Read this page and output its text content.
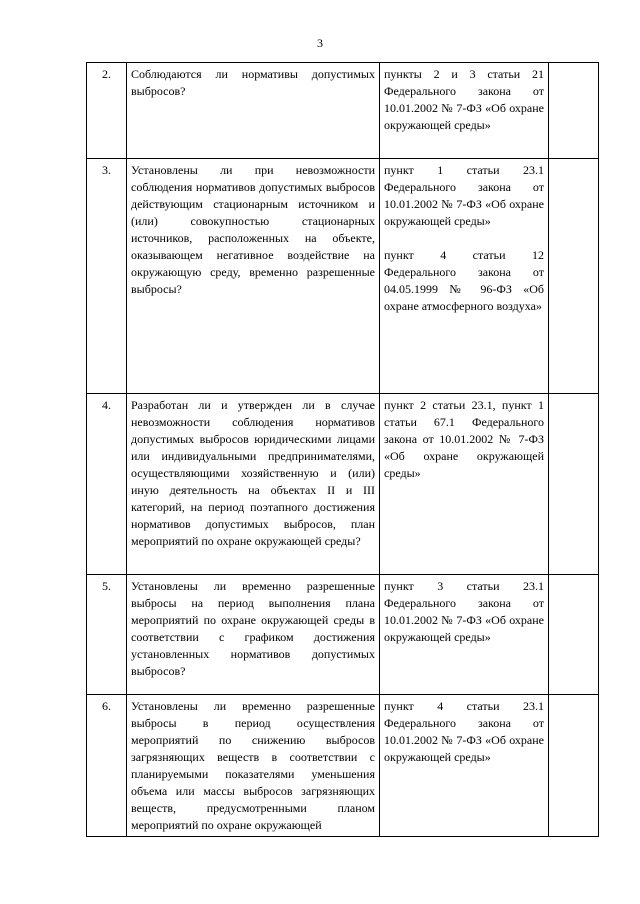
3
2.	Соблюдаются ли нормативы допустимых выбросов?	пункты 2 и 3 статьи 21 Федерального закона от 10.01.2002 № 7-ФЗ «Об охране окружающей среды»	

3.	Установлены ли при невозможности соблюдения нормативов допустимых выбросов действующим стационарным источником и (или) совокупностью стационарных источников, расположенных на объекте, оказывающем негативное воздействие на окружающую среду, временно разрешенные выбросы?	пункт 1 статьи 23.1 Федерального закона от 10.01.2002 № 7-ФЗ «Об охране окружающей среды»
пункт 4 статьи 12 Федерального закона от 04.05.1999 № 96-ФЗ «Об охране атмосферного воздуха»	

4.	Разработан ли и утвержден ли в случае невозможности соблюдения нормативов допустимых выбросов юридическими лицами или индивидуальными предпринимателями, осуществляющими хозяйственную и (или) иную деятельность на объектах II и III категорий, на период поэтапного достижения нормативов допустимых выбросов, план мероприятий по охране окружающей среды?	пункт 2 статьи 23.1, пункт 1 статьи 67.1 Федерального закона от 10.01.2002 № 7-ФЗ «Об охране окружающей среды»	

5.	Установлены ли временно разрешенные выбросы на период выполнения плана мероприятий по охране окружающей среды в соответствии с графиком достижения установленных нормативов допустимых выбросов?	пункт 3 статьи 23.1 Федерального закона от 10.01.2002 № 7-ФЗ «Об охране окружающей среды»	

6.	Установлены ли временно разрешенные выбросы в период осуществления мероприятий по снижению выбросов загрязняющих веществ в соответствии с планируемыми показателями уменьшения объема или массы выбросов загрязняющих веществ, предусмотренными планом мероприятий по охране окружающей	пункт 4 статьи 23.1 Федерального закона от 10.01.2002 № 7-ФЗ «Об охране окружающей среды»	
